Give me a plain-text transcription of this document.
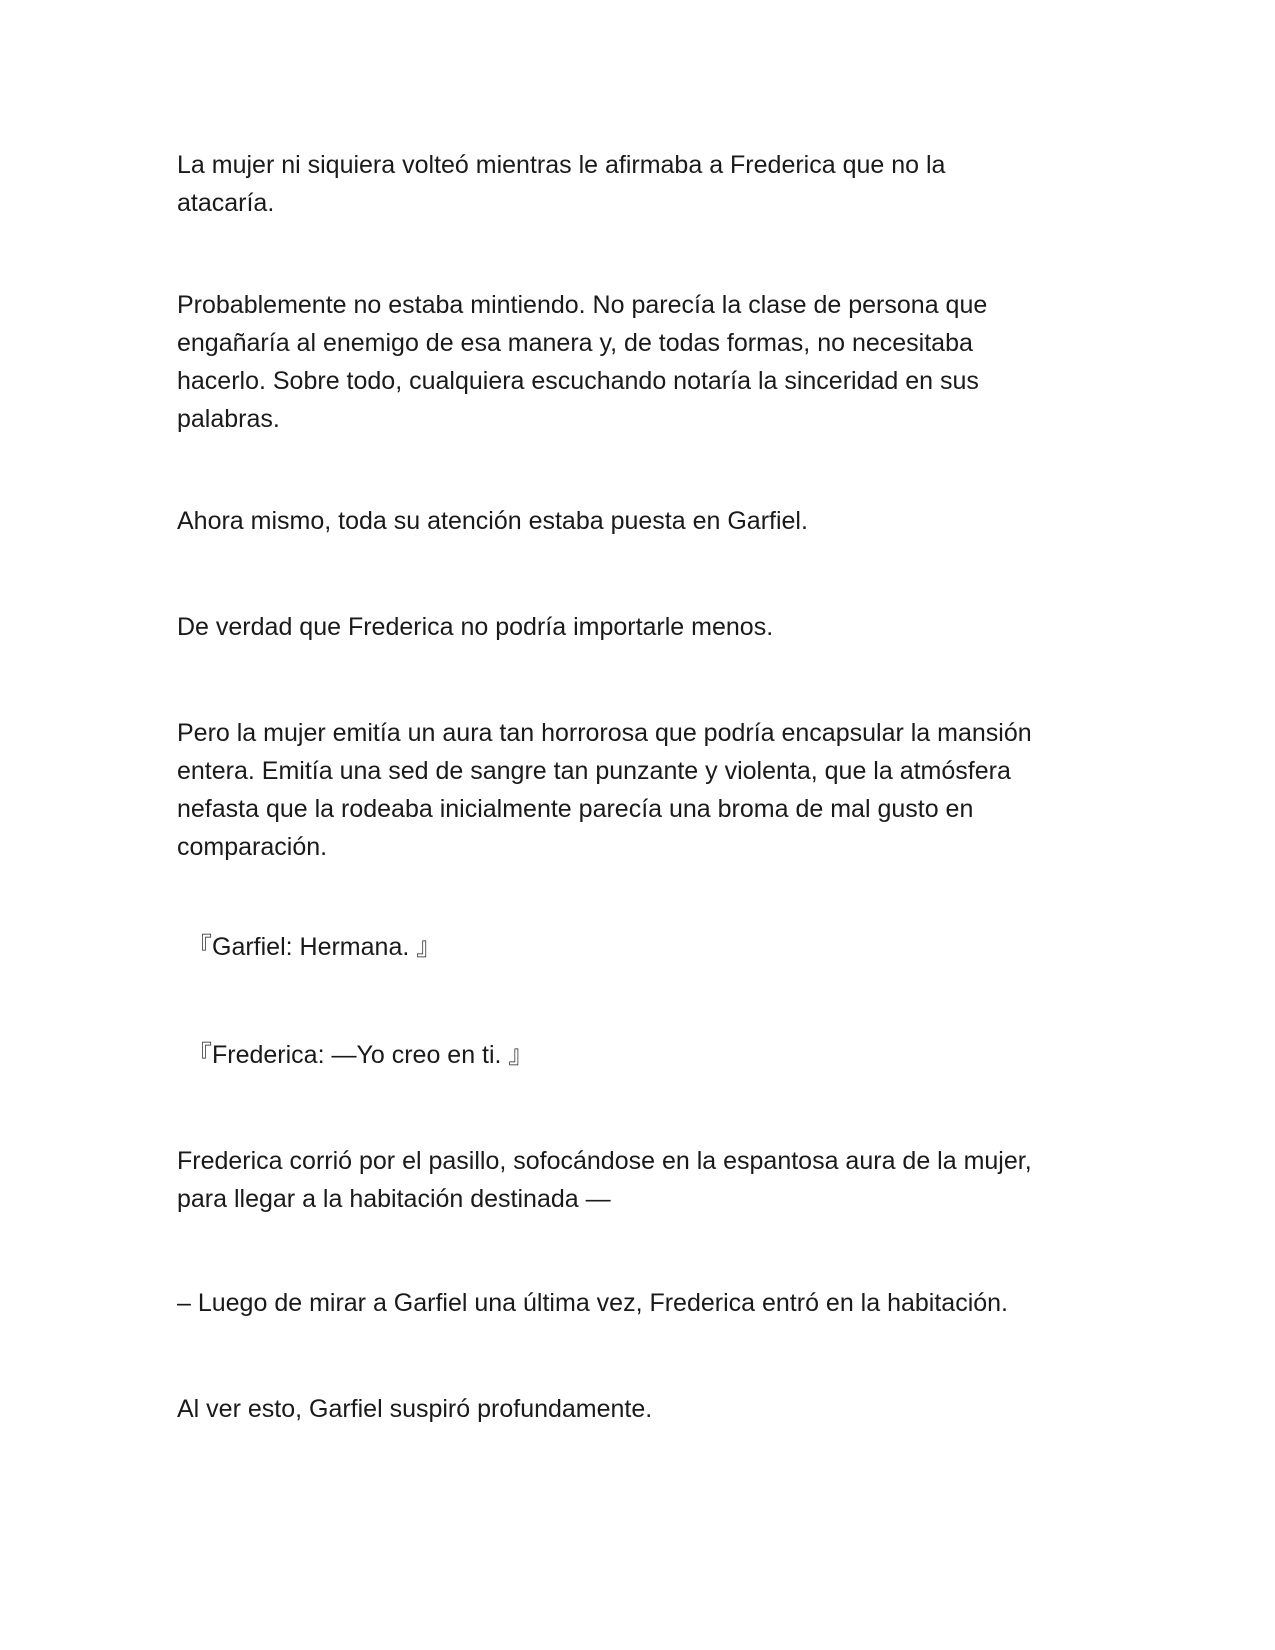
La mujer ni siquiera volteó mientras le afirmaba a Frederica que no la
atacaría.

Probablemente no estaba mintiendo. No parecía la clase de persona que
engañaría al enemigo de esa manera y, de todas formas, no necesitaba
hacerlo. Sobre todo, cualquiera escuchando notaría la sinceridad en sus
palabras.

Ahora mismo, toda su atención estaba puesta en Garfiel.

De verdad que Frederica no podría importarle menos.

Pero la mujer emitía un aura tan horrorosa que podría encapsular la mansión
entera. Emitía una sed de sangre tan punzante y violenta, que la atmósfera
nefasta que la rodeaba inicialmente parecía una broma de mal gusto en
comparación.

『Garfiel: Hermana. 』

『Frederica: —Yo creo en ti. 』

Frederica corrió por el pasillo, sofocándose en la espantosa aura de la mujer,
para llegar a la habitación destinada —

– Luego de mirar a Garfiel una última vez, Frederica entró en la habitación.

Al ver esto, Garfiel suspiró profundamente.
